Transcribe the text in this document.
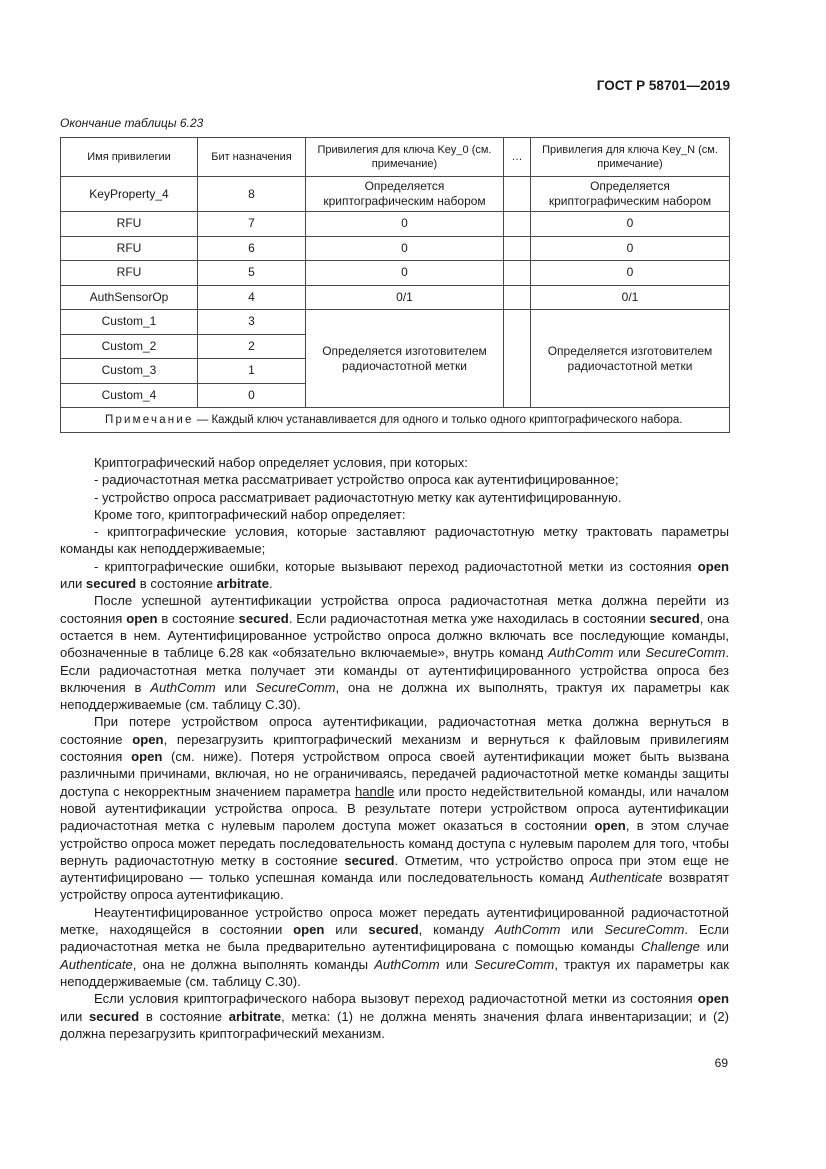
ГОСТ Р 58701—2019
Окончание таблицы 6.23
Имя привилегии	Бит назначения	Привилегия для ключа Key_0 (см. примечание)	…	Привилегия для ключа Key_N (см. примечание)
KeyProperty_4	8	Определяется криптографическим набором		Определяется криптографическим набором
RFU	7	0		0
RFU	6	0		0
RFU	5	0		0
AuthSensorOp	4	0/1		0/1
Custom_1	3	Определяется изготовителем радиочастотной метки		Определяется изготовителем радиочастотной метки
Custom_2	2			
Custom_3	1			
Custom_4	0			
Примечание — Каждый ключ устанавливается для одного и только одного криптографического набора.				

Криптографический набор определяет условия, при которых:

- радиочастотная метка рассматривает устройство опроса как аутентифицированное;

- устройство опроса рассматривает радиочастотную метку как аутентифицированную.

Кроме того, криптографический набор определяет:

- криптографические условия, которые заставляют радиочастотную метку трактовать параметры команды как неподдерживаемые;

- криптографические ошибки, которые вызывают переход радиочастотной метки из состояния open или secured в состояние arbitrate.

После успешной аутентификации устройства опроса радиочастотная метка должна перейти из состояния open в состояние secured. Если радиочастотная метка уже находилась в состоянии secured, она остается в нем. Аутентифицированное устройство опроса должно включать все последующие команды, обозначенные в таблице 6.28 как «обязательно включаемые», внутрь команд AuthComm или SecureComm. Если радиочастотная метка получает эти команды от аутентифицированного устройства опроса без включения в AuthComm или SecureComm, она не должна их выполнять, трактуя их параметры как неподдерживаемые (см. таблицу С.30).

При потере устройством опроса аутентификации, радиочастотная метка должна вернуться в состояние open, перезагрузить криптографический механизм и вернуться к файловым привилегиям состояния open (см. ниже). Потеря устройством опроса своей аутентификации может быть вызвана различными причинами, включая, но не ограничиваясь, передачей радиочастотной метке команды защиты доступа с некорректным значением параметра handle или просто недействительной команды, или началом новой аутентификации устройства опроса. В результате потери устройством опроса аутентификации радиочастотная метка с нулевым паролем доступа может оказаться в состоянии open, в этом случае устройство опроса может передать последовательность команд доступа с нулевым паролем для того, чтобы вернуть радиочастотную метку в состояние secured. Отметим, что устройство опроса при этом еще не аутентифицировано — только успешная команда или последовательность команд Authenticate возвратят устройству опроса аутентификацию.

Неаутентифицированное устройство опроса может передать аутентифицированной радиочастотной метке, находящейся в состоянии open или secured, команду AuthComm или SecureComm. Если радиочастотная метка не была предварительно аутентифицирована с помощью команды Challenge или Authenticate, она не должна выполнять команды AuthComm или SecureComm, трактуя их параметры как неподдерживаемые (см. таблицу С.30).

Если условия криптографического набора вызовут переход радиочастотной метки из состояния open или secured в состояние arbitrate, метка: (1) не должна менять значения флага инвентаризации; и (2) должна перезагрузить криптографический механизм.

69
